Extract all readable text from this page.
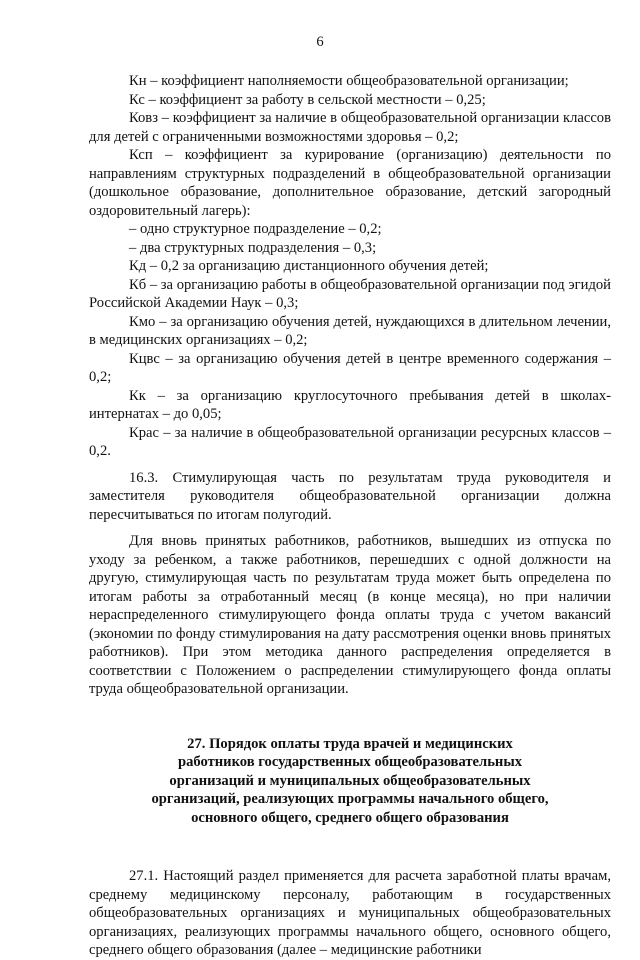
6

Кн – коэффициент наполняемости общеобразовательной организации;

Кс – коэффициент за работу в сельской местности – 0,25;

Ковз – коэффициент за наличие в общеобразовательной организации классов для детей с ограниченными возможностями здоровья – 0,2;

Ксп – коэффициент за курирование (организацию) деятельности по направлениям структурных подразделений в общеобразовательной организации (дошкольное образование, дополнительное образование, детский загородный оздоровительный лагерь):

– одно структурное подразделение – 0,2;

– два структурных подразделения – 0,3;

Кд – 0,2 за организацию дистанционного обучения детей;

Кб – за организацию работы в общеобразовательной организации под эгидой Российской Академии Наук – 0,3;

Кмо – за организацию обучения детей, нуждающихся в длительном лечении, в медицинских организациях – 0,2;

Кцвс – за организацию обучения детей в центре временного содержания – 0,2;

Кк – за организацию круглосуточного пребывания детей в школах-интернатах – до 0,05;

Крас – за наличие в общеобразовательной организации ресурсных классов – 0,2.

16.3. Стимулирующая часть по результатам труда руководителя и заместителя руководителя общеобразовательной организации должна пересчитываться по итогам полугодий.

Для вновь принятых работников, работников, вышедших из отпуска по уходу за ребенком, а также работников, перешедших с одной должности на другую, стимулирующая часть по результатам труда может быть определена по итогам работы за отработанный месяц (в конце месяца), но при наличии нераспределенного стимулирующего фонда оплаты труда с учетом вакансий (экономии по фонду стимулирования на дату рассмотрения оценки вновь принятых работников). При этом методика данного распределения определяется в соответствии с Положением о распределении стимулирующего фонда оплаты труда общеобразовательной организации.

27. Порядок оплаты труда врачей и медицинских
работников государственных общеобразовательных
организаций и муниципальных общеобразовательных
организаций, реализующих программы начального общего,
основного общего, среднего общего образования

27.1. Настоящий раздел применяется для расчета заработной платы врачам, среднему медицинскому персоналу, работающим в государственных общеобразовательных организациях и муниципальных общеобразовательных организациях, реализующих программы начального общего, основного общего, среднего общего образования (далее – медицинские работники
